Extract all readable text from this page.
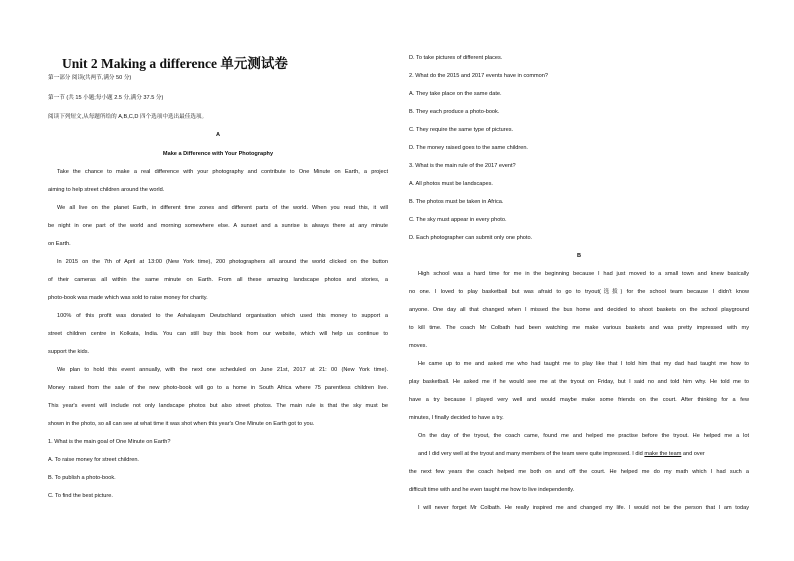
Unit 2 Making a difference 单元测试卷
第一部分 阅读(共两节,满分 50 分)
第一节 (共 15 小题;每小题 2.5 分,满分 37.5 分)
阅读下列短文,从每题所给的 A,B,C,D 四个选项中选出最佳选项。
A
Make a Difference with Your Photography
Take the chance to make a real difference with your photography and contribute to One Minute on Earth, a project
aiming to help street children around the world.
We all live on the planet Earth, in different time zones and different parts of the world. When you read this, it will
be night in one part of the world and morning somewhere else. A sunset and a sunrise is always there at any minute
on Earth.
In 2015 on the 7th of April at 13:00 (New York time), 200 photographers all around the world clicked on the button
of their cameras all within the same minute on Earth. From all these amazing landscape photos and stories, a
photo-book was made which was sold to raise money for charity.
100% of this profit was donated to the Ashalayam Deutschland organisation which used this money to support a
street children centre in Kolkata, India. You can still buy this book from our website, which will help us continue to
support the kids.
We plan to hold this event annually, with the next one scheduled on June 21st, 2017 at 21: 00 (New York time).
Money raised from the sale of the new photo-book will go to a home in South Africa where 75 parentless children live.
This year's event will include not only landscape photos but also street photos. The main rule is that the sky must be
shown in the photo, so all can see at what time it was shot when this year's One Minute on Earth got to you.
1. What is the main goal of One Minute on Earth?
A. To raise money for street children.
B. To publish a photo-book.
C. To find the best picture.
D. To take pictures of different places.
2. What do the 2015 and 2017 events have in common?
A. They take place on the same date.
B. They each produce a photo-book.
C. They require the same type of pictures.
D. The money raised goes to the same children.
3. What is the main rule of the 2017 event?
A. All photos must be landscapes.
B. The photos must be taken in Africa.
C. The sky must appear in every photo.
D. Each photographer can submit only one photo.
B
High school was a hard time for me in the beginning because I had just moved to a small town and knew basically
no one. I loved to play basketball but was afraid to go to tryout(选拔) for the school team because I didn't know
anyone. One day all that changed when I missed the bus home and decided to shoot baskets on the school playground
to kill time. The coach Mr Colbath had been watching me make various baskets and was pretty impressed with my
moves.
He came up to me and asked me who had taught me to play like that I told him that my dad had taught me how to
play basketball. He asked me if he would see me at the tryout on Friday, but I said no and told him why. He told me to
have a try because I played very well and would maybe make some friends on the court. After thinking for a few
minutes, I finally decided to have a try.
On the day of the tryout, the coach came, found me and helped me practise before the tryout. He helped me a lot
and I did very well at the tryout and many members of the team were quite impressed. I did make the team and over
the next few years the coach helped me both on and off the court. He helped me do my math which I had such a
difficult time with and he even taught me how to live independently.
I will never forget Mr Colbath. He really inspired me and changed my life. I would not be the person that I am today
